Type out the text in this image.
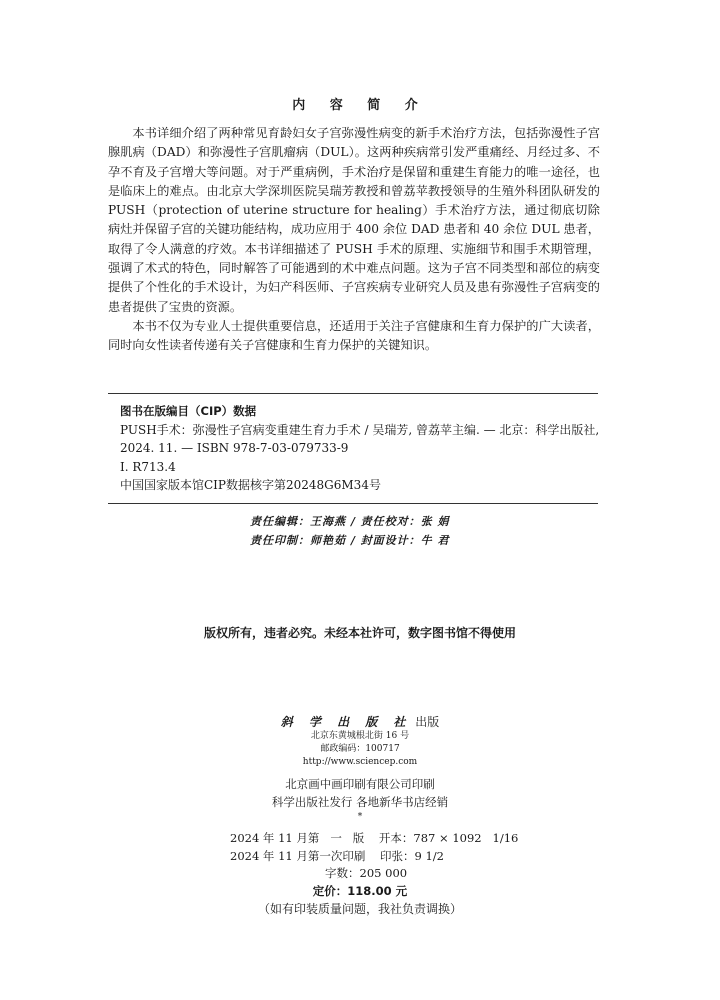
内 容 简 介

本书详细介绍了两种常见育龄妇女子宫弥漫性病变的新手术治疗方法，包括弥漫性子宫腺肌病（DAD）和弥漫性子宫肌瘤病（DUL）。这两种疾病常引发严重痛经、月经过多、不孕不育及子宫增大等问题。对于严重病例，手术治疗是保留和重建生育能力的唯一途径，也是临床上的难点。由北京大学深圳医院吴瑞芳教授和曾荔苹教授领导的生殖外科团队研发的 PUSH（protection of uterine structure for healing）手术治疗方法，通过彻底切除病灶并保留子宫的关键功能结构，成功应用于 400 余位 DAD 患者和 40 余位 DUL 患者，取得了令人满意的疗效。本书详细描述了 PUSH 手术的原理、实施细节和围手术期管理，强调了术式的特色，同时解答了可能遇到的术中难点问题。这为子宫不同类型和部位的病变提供了个性化的手术设计，为妇产科医师、子宫疾病专业研究人员及患有弥漫性子宫病变的患者提供了宝贵的资源。

本书不仅为专业人士提供重要信息，还适用于关注子宫健康和生育力保护的广大读者，同时向女性读者传递有关子宫健康和生育力保护的关键知识。

图书在版编目（CIP）数据
PUSH手术：弥漫性子宫病变重建生育力手术 / 吴瑞芳, 曾荔苹主编. — 北京：科学出版社,
2024. 11. — ISBN 978-7-03-079733-9
Ⅰ. R713.4
中国国家版本馆CIP数据核字第20248G6M34号
责任编辑：王海燕 / 责任校对：张 娟
责任印制：师艳茹 / 封面设计：牛 君
版权所有，违者必究。未经本社许可，数字图书馆不得使用
斜 学 出 版 社 出版
北京东黄城根北街 16 号
邮政编码：100717
http://www.sciencep.com
北京画中画印刷有限公司印刷
科学出版社发行 各地新华书店经销
*
2024 年 11 月第   一   版    开本：787 × 1092   1/16
2024 年 11 月第一次印刷    印张：9 1/2
字数：205 000
定价：118.00 元
（如有印装质量问题，我社负责调换）
